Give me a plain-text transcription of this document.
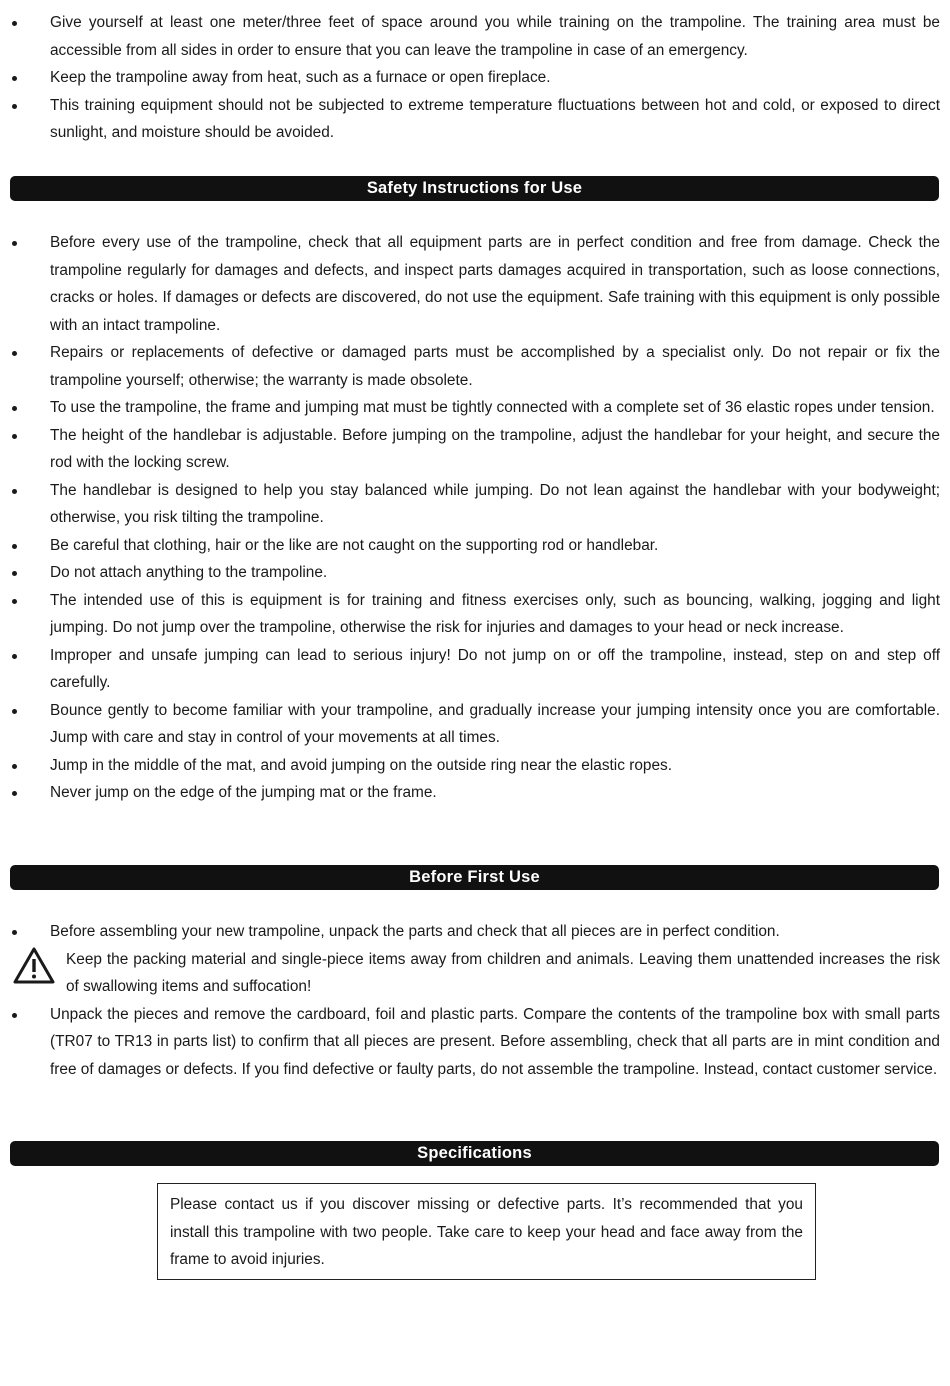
Give yourself at least one meter/three feet of space around you while training on the trampoline. The training area must be accessible from all sides in order to ensure that you can leave the trampoline in case of an emergency.
Keep the trampoline away from heat, such as a furnace or open fireplace.
This training equipment should not be subjected to extreme temperature fluctuations between hot and cold, or exposed to direct sunlight, and moisture should be avoided.
Safety Instructions for Use
Before every use of the trampoline, check that all equipment parts are in perfect condition and free from damage. Check the trampoline regularly for damages and defects, and inspect parts damages acquired in transportation, such as loose connections, cracks or holes. If damages or defects are discovered, do not use the equipment. Safe training with this equipment is only possible with an intact trampoline.
Repairs or replacements of defective or damaged parts must be accomplished by a specialist only. Do not repair or fix the trampoline yourself; otherwise; the warranty is made obsolete.
To use the trampoline, the frame and jumping mat must be tightly connected with a complete set of 36 elastic ropes under tension.
The height of the handlebar is adjustable. Before jumping on the trampoline, adjust the handlebar for your height, and secure the rod with the locking screw.
The handlebar is designed to help you stay balanced while jumping. Do not lean against the handlebar with your bodyweight; otherwise, you risk tilting the trampoline.
Be careful that clothing, hair or the like are not caught on the supporting rod or handlebar.
Do not attach anything to the trampoline.
The intended use of this is equipment is for training and fitness exercises only, such as bouncing, walking, jogging and light jumping. Do not jump over the trampoline, otherwise the risk for injuries and damages to your head or neck increase.
Improper and unsafe jumping can lead to serious injury! Do not jump on or off the trampoline, instead, step on and step off carefully.
Bounce gently to become familiar with your trampoline, and gradually increase your jumping intensity once you are comfortable. Jump with care and stay in control of your movements at all times.
Jump in the middle of the mat, and avoid jumping on the outside ring near the elastic ropes.
Never jump on the edge of the jumping mat or the frame.
Before First Use
Before assembling your new trampoline, unpack the parts and check that all pieces are in perfect condition.
Keep the packing material and single-piece items away from children and animals. Leaving them unattended increases the risk of swallowing items and suffocation!
Unpack the pieces and remove the cardboard, foil and plastic parts. Compare the contents of the trampoline box with small parts (TR07 to TR13 in parts list) to confirm that all pieces are present. Before assembling, check that all parts are in mint condition and free of damages or defects. If you find defective or faulty parts, do not assemble the trampoline. Instead, contact customer service.
Specifications
Please contact us if you discover missing or defective parts. It’s recommended that you install this trampoline with two people. Take care to keep your head and face away from the frame to avoid injuries.
